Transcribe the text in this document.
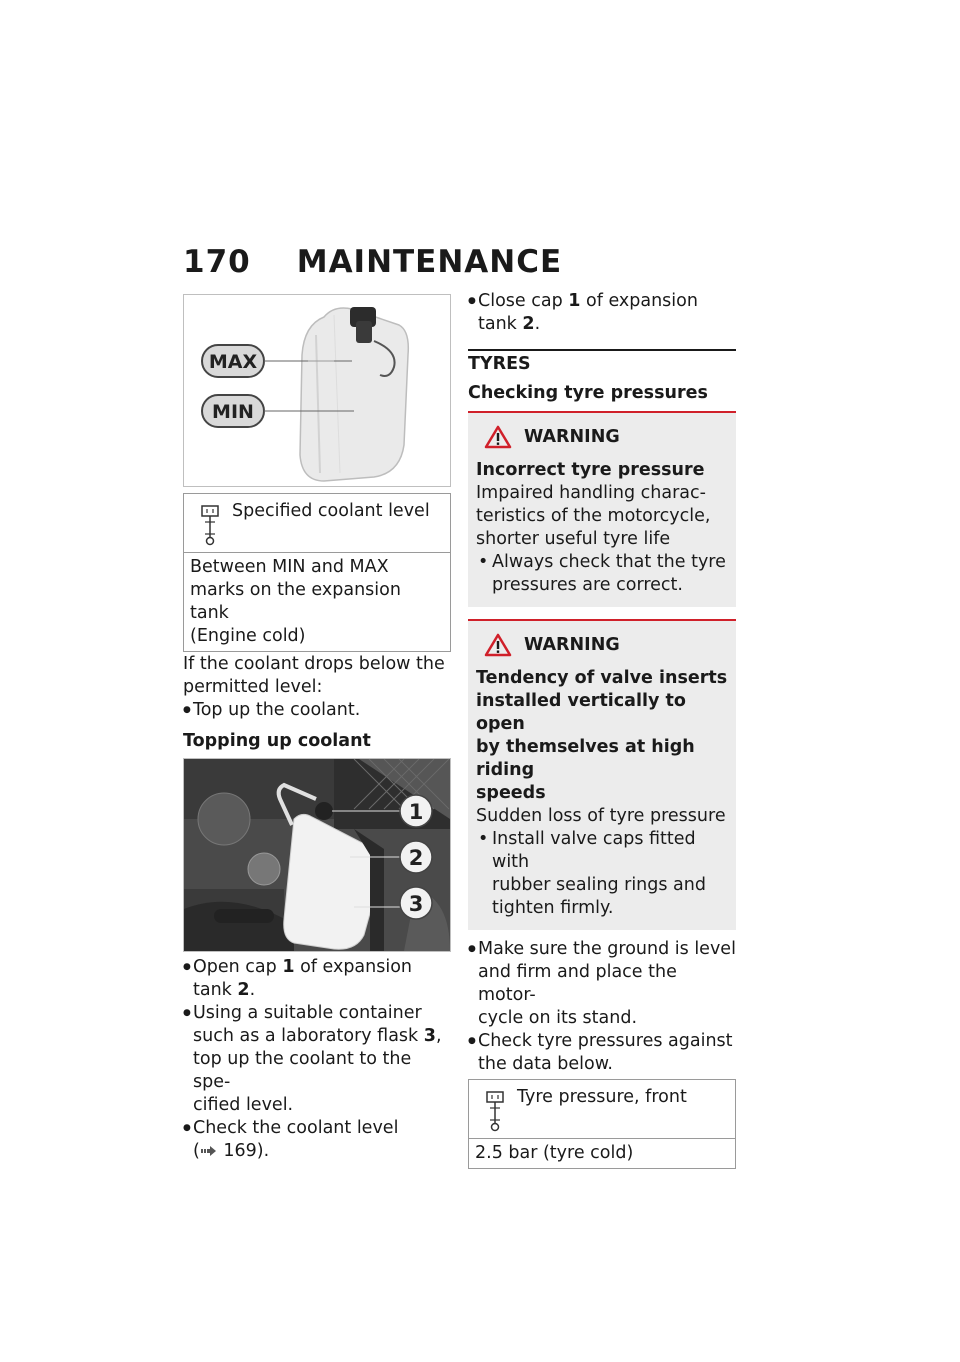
170 MAINTENANCE
MAX
MIN
Specified coolant level

Between MIN and MAX

marks on the expansion tank

(Engine cold)

If the coolant drops below the

permitted level:

● Top up the coolant.

Topping up coolant

1
2
3
● Open cap 1 of expansion
tank 2.
● Using a suitable container
such as a laboratory flask 3,
top up the coolant to the spe-
cified level.
● Check the coolant level
( 169).
● Close cap 1 of expansion
tank 2.

TYRES

Checking tyre pressures

WARNING

Incorrect tyre pressure

Impaired handling charac-

teristics of the motorcycle,

shorter useful tyre life

• Always check that the tyre
pressures are correct.
WARNING

Tendency of valve inserts

installed vertically to open

by themselves at high riding

speeds

Sudden loss of tyre pressure

• Install valve caps fitted with
rubber sealing rings and
tighten firmly.
● Make sure the ground is level
and firm and place the motor-
cycle on its stand.
● Check tyre pressures against
the data below.
Tyre pressure, front
2.5 bar (tyre cold)
